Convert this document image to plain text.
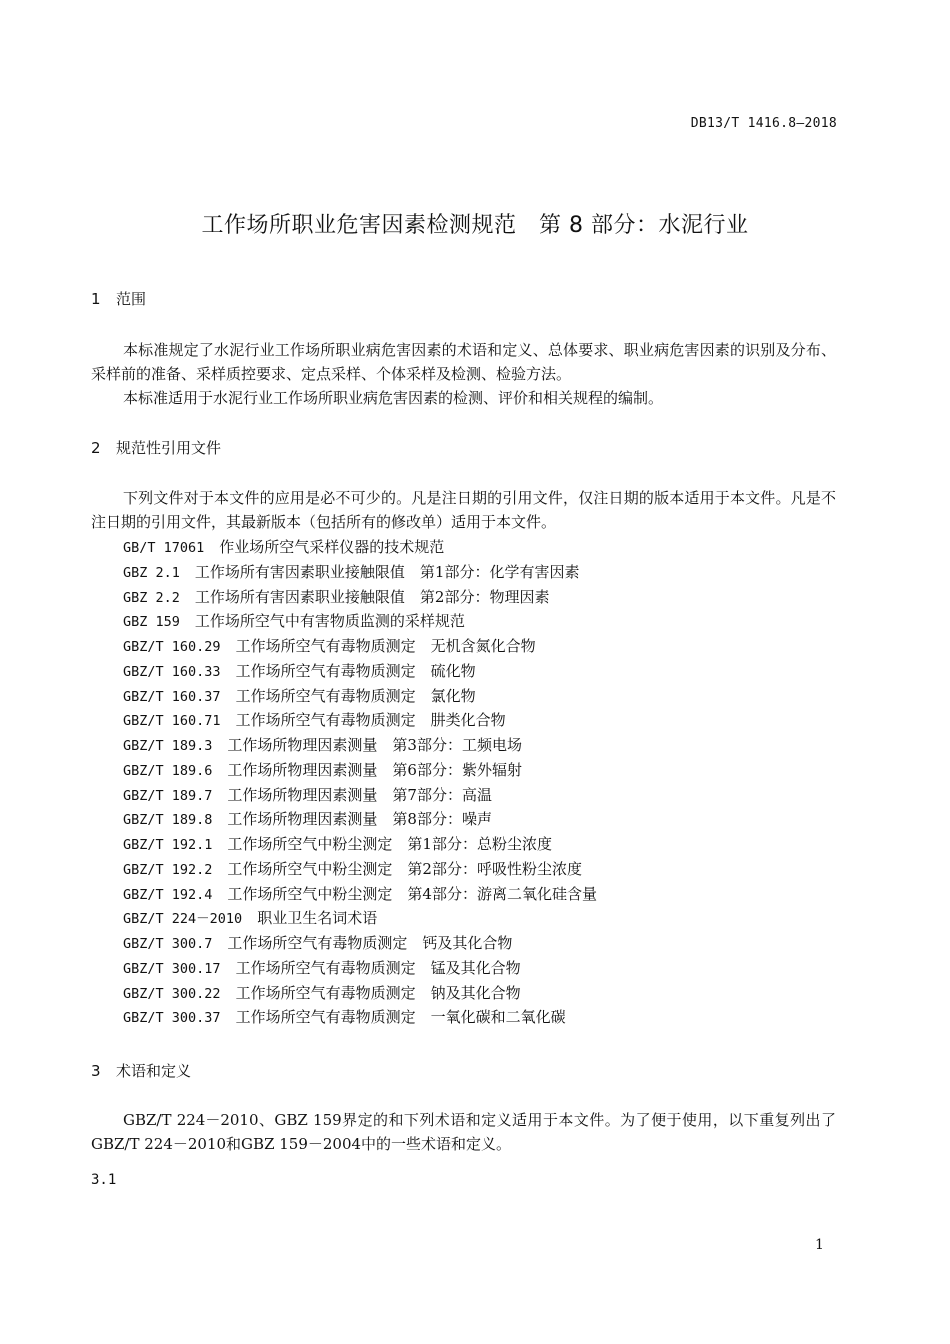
DB13/T 1416.8—2018
工作场所职业危害因素检测规范　第 8 部分：水泥行业
1 范围
本标准规定了水泥行业工作场所职业病危害因素的术语和定义、总体要求、职业病危害因素的识别及分布、采样前的准备、采样质控要求、定点采样、个体采样及检测、检验方法。
本标准适用于水泥行业工作场所职业病危害因素的检测、评价和相关规程的编制。
2 规范性引用文件
下列文件对于本文件的应用是必不可少的。凡是注日期的引用文件，仅注日期的版本适用于本文件。凡是不注日期的引用文件，其最新版本（包括所有的修改单）适用于本文件。
GB/T 17061　 作业场所空气采样仪器的技术规范
GBZ 2.1　 工作场所有害因素职业接触限值　第1部分：化学有害因素
GBZ 2.2　 工作场所有害因素职业接触限值　第2部分：物理因素
GBZ 159　 工作场所空气中有害物质监测的采样规范
GBZ/T 160.29　 工作场所空气有毒物质测定　无机含氮化合物
GBZ/T 160.33　 工作场所空气有毒物质测定　硫化物
GBZ/T 160.37　 工作场所空气有毒物质测定　氯化物
GBZ/T 160.71　 工作场所空气有毒物质测定　肼类化合物
GBZ/T 189.3　 工作场所物理因素测量　第3部分：工频电场
GBZ/T 189.6　 工作场所物理因素测量　第6部分：紫外辐射
GBZ/T 189.7　 工作场所物理因素测量　第7部分：高温
GBZ/T 189.8　 工作场所物理因素测量　第8部分：噪声
GBZ/T 192.1　 工作场所空气中粉尘测定　第1部分：总粉尘浓度
GBZ/T 192.2　 工作场所空气中粉尘测定　第2部分：呼吸性粉尘浓度
GBZ/T 192.4　 工作场所空气中粉尘测定　第4部分：游离二氧化硅含量
GBZ/T 224－2010　 职业卫生名词术语
GBZ/T 300.7　 工作场所空气有毒物质测定　钙及其化合物
GBZ/T 300.17　 工作场所空气有毒物质测定　锰及其化合物
GBZ/T 300.22　 工作场所空气有毒物质测定　钠及其化合物
GBZ/T 300.37　 工作场所空气有毒物质测定　一氧化碳和二氧化碳
3 术语和定义
GBZ/T 224－2010、GBZ 159界定的和下列术语和定义适用于本文件。为了便于使用，以下重复列出了GBZ/T 224－2010和GBZ 159－2004中的一些术语和定义。
3.1
1
